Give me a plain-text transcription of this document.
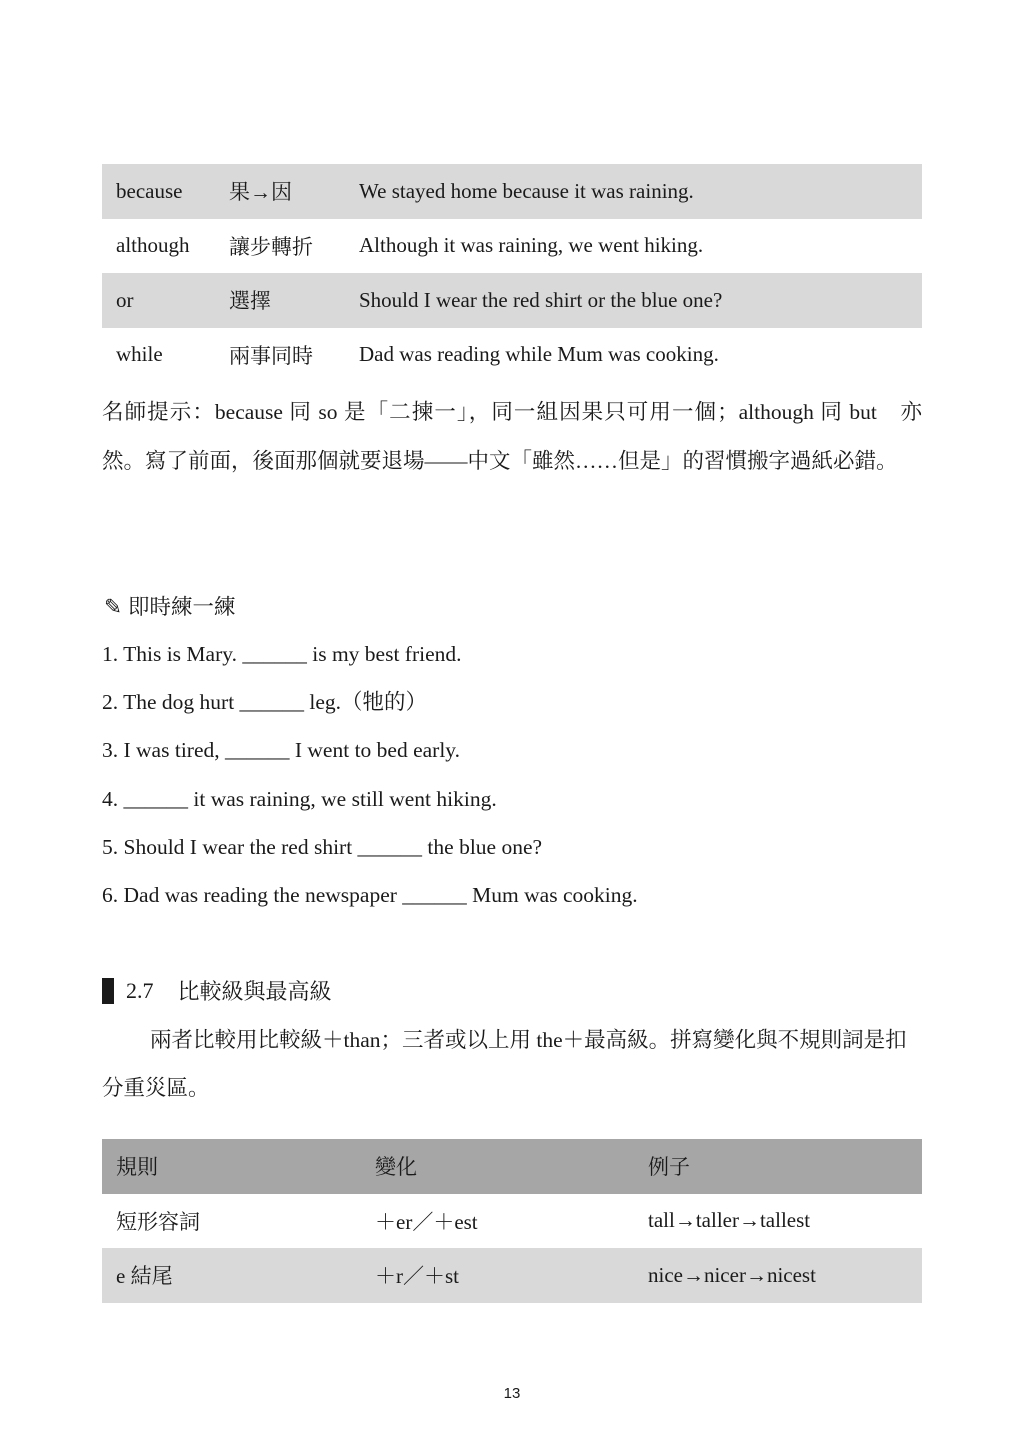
because	果→因	We stayed home because it was raining.
although	讓步轉折	Although it was raining, we went hiking.
or	選擇	Should I wear the red shirt or the blue one?
while	兩事同時	Dad was reading while Mum was cooking.
名師提示：because 同 so 是「二揀一」，同一組因果只可用一個；although 同 but　亦然。寫了前面，後面那個就要退場——中文「雖然……但是」的習慣搬字過紙必錯。
✎ 即時練一練
1. This is Mary. ______ is my best friend.
2. The dog hurt ______ leg.（牠的）
3. I was tired, ______ I went to bed early.
4. ______ it was raining, we still went hiking.
5. Should I wear the red shirt ______ the blue one?
6. Dad was reading the newspaper ______ Mum was cooking.
2.7 比較級與最高級
兩者比較用比較級＋than；三者或以上用 the＋最高級。拼寫變化與不規則詞是扣分重災區。
規則	變化	例子
短形容詞	＋er／＋est	tall→taller→tallest
e 結尾	＋r／＋st	nice→nicer→nicest
13
